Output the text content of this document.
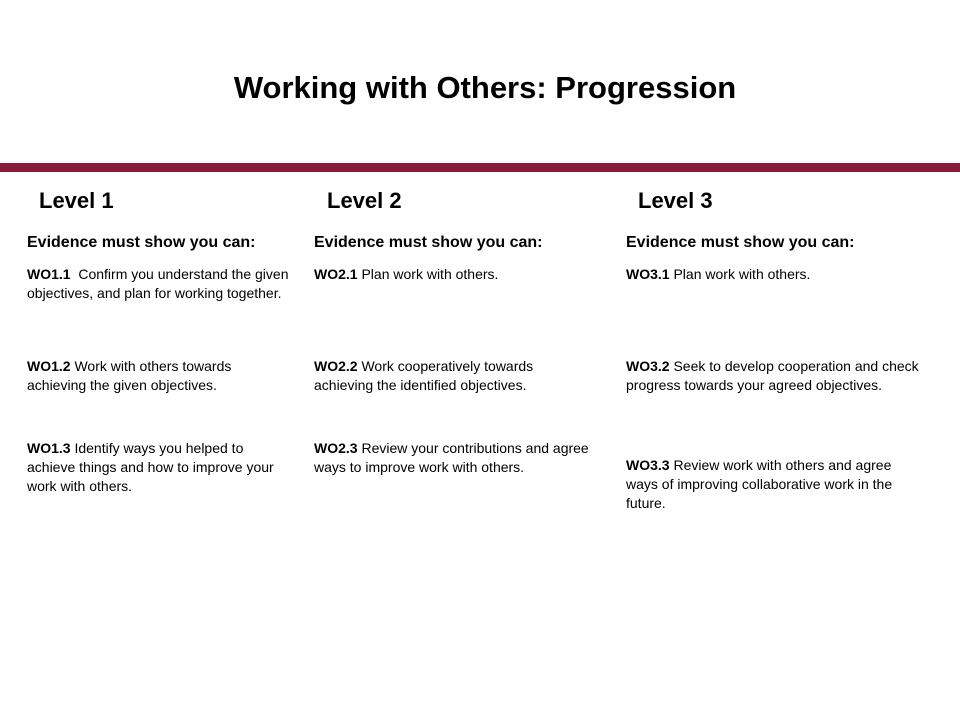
Working with Others: Progression
Level 1
Evidence must show you can:
WO1.1 Confirm you understand the given objectives, and plan for working together.
WO1.2 Work with others towards achieving the given objectives.
WO1.3 Identify ways you helped to achieve things and how to improve your work with others.
Level 2
Evidence must show you can:
WO2.1 Plan work with others.
WO2.2 Work cooperatively towards achieving the identified objectives.
WO2.3 Review your contributions and agree ways to improve work with others.
Level 3
Evidence must show you can:
WO3.1 Plan work with others.
WO3.2 Seek to develop cooperation and check progress towards your agreed objectives.
WO3.3 Review work with others and agree ways of improving collaborative work in the future.
